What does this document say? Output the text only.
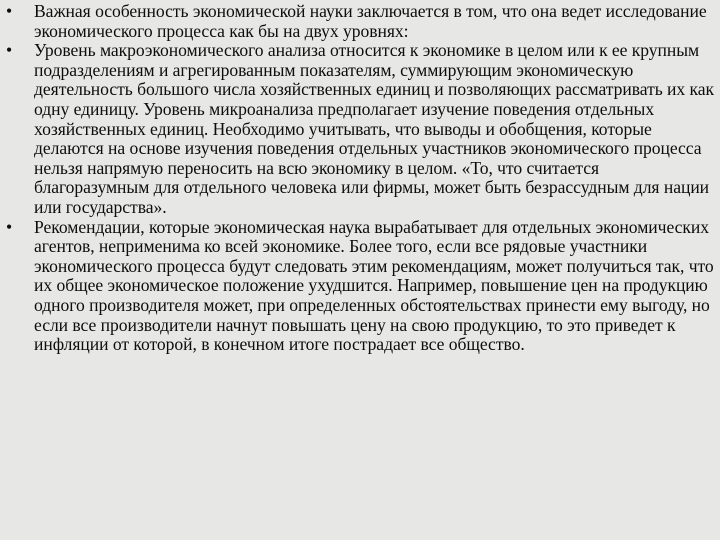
•	Важная особенность экономической науки заключается в том, что она ведет исследование экономического процесса как бы на двух уровнях:
•	Уровень макроэкономического анализа относится к экономике в целом или к ее крупным подразделениям и агрегированным показателям, суммирующим экономическую деятельность большого числа хозяйственных единиц и позволяющих рассматривать их как одну единицу. Уровень микроанализа предполагает изучение поведения отдельных хозяйственных единиц. Необходимо учитывать, что выводы и обобщения, которые делаются на основе изучения поведения отдельных участников экономического процесса нельзя напрямую переносить на всю экономику в целом. «То, что считается благоразумным для отдельного человека или фирмы, может быть безрассудным для нации или государства».
•	Рекомендации, которые экономическая наука вырабатывает для отдельных экономических агентов, неприменима ко всей экономике. Более того, если все рядовые участники экономического процесса будут следовать этим рекомендациям, может получиться так, что их общее экономическое положение ухудшится. Например, повышение цен на продукцию одного производителя может, при определенных обстоятельствах принести ему выгоду, но если все производители начнут повышать цену на свою продукцию, то это приведет к инфляции от которой, в конечном итоге пострадает все общество.
